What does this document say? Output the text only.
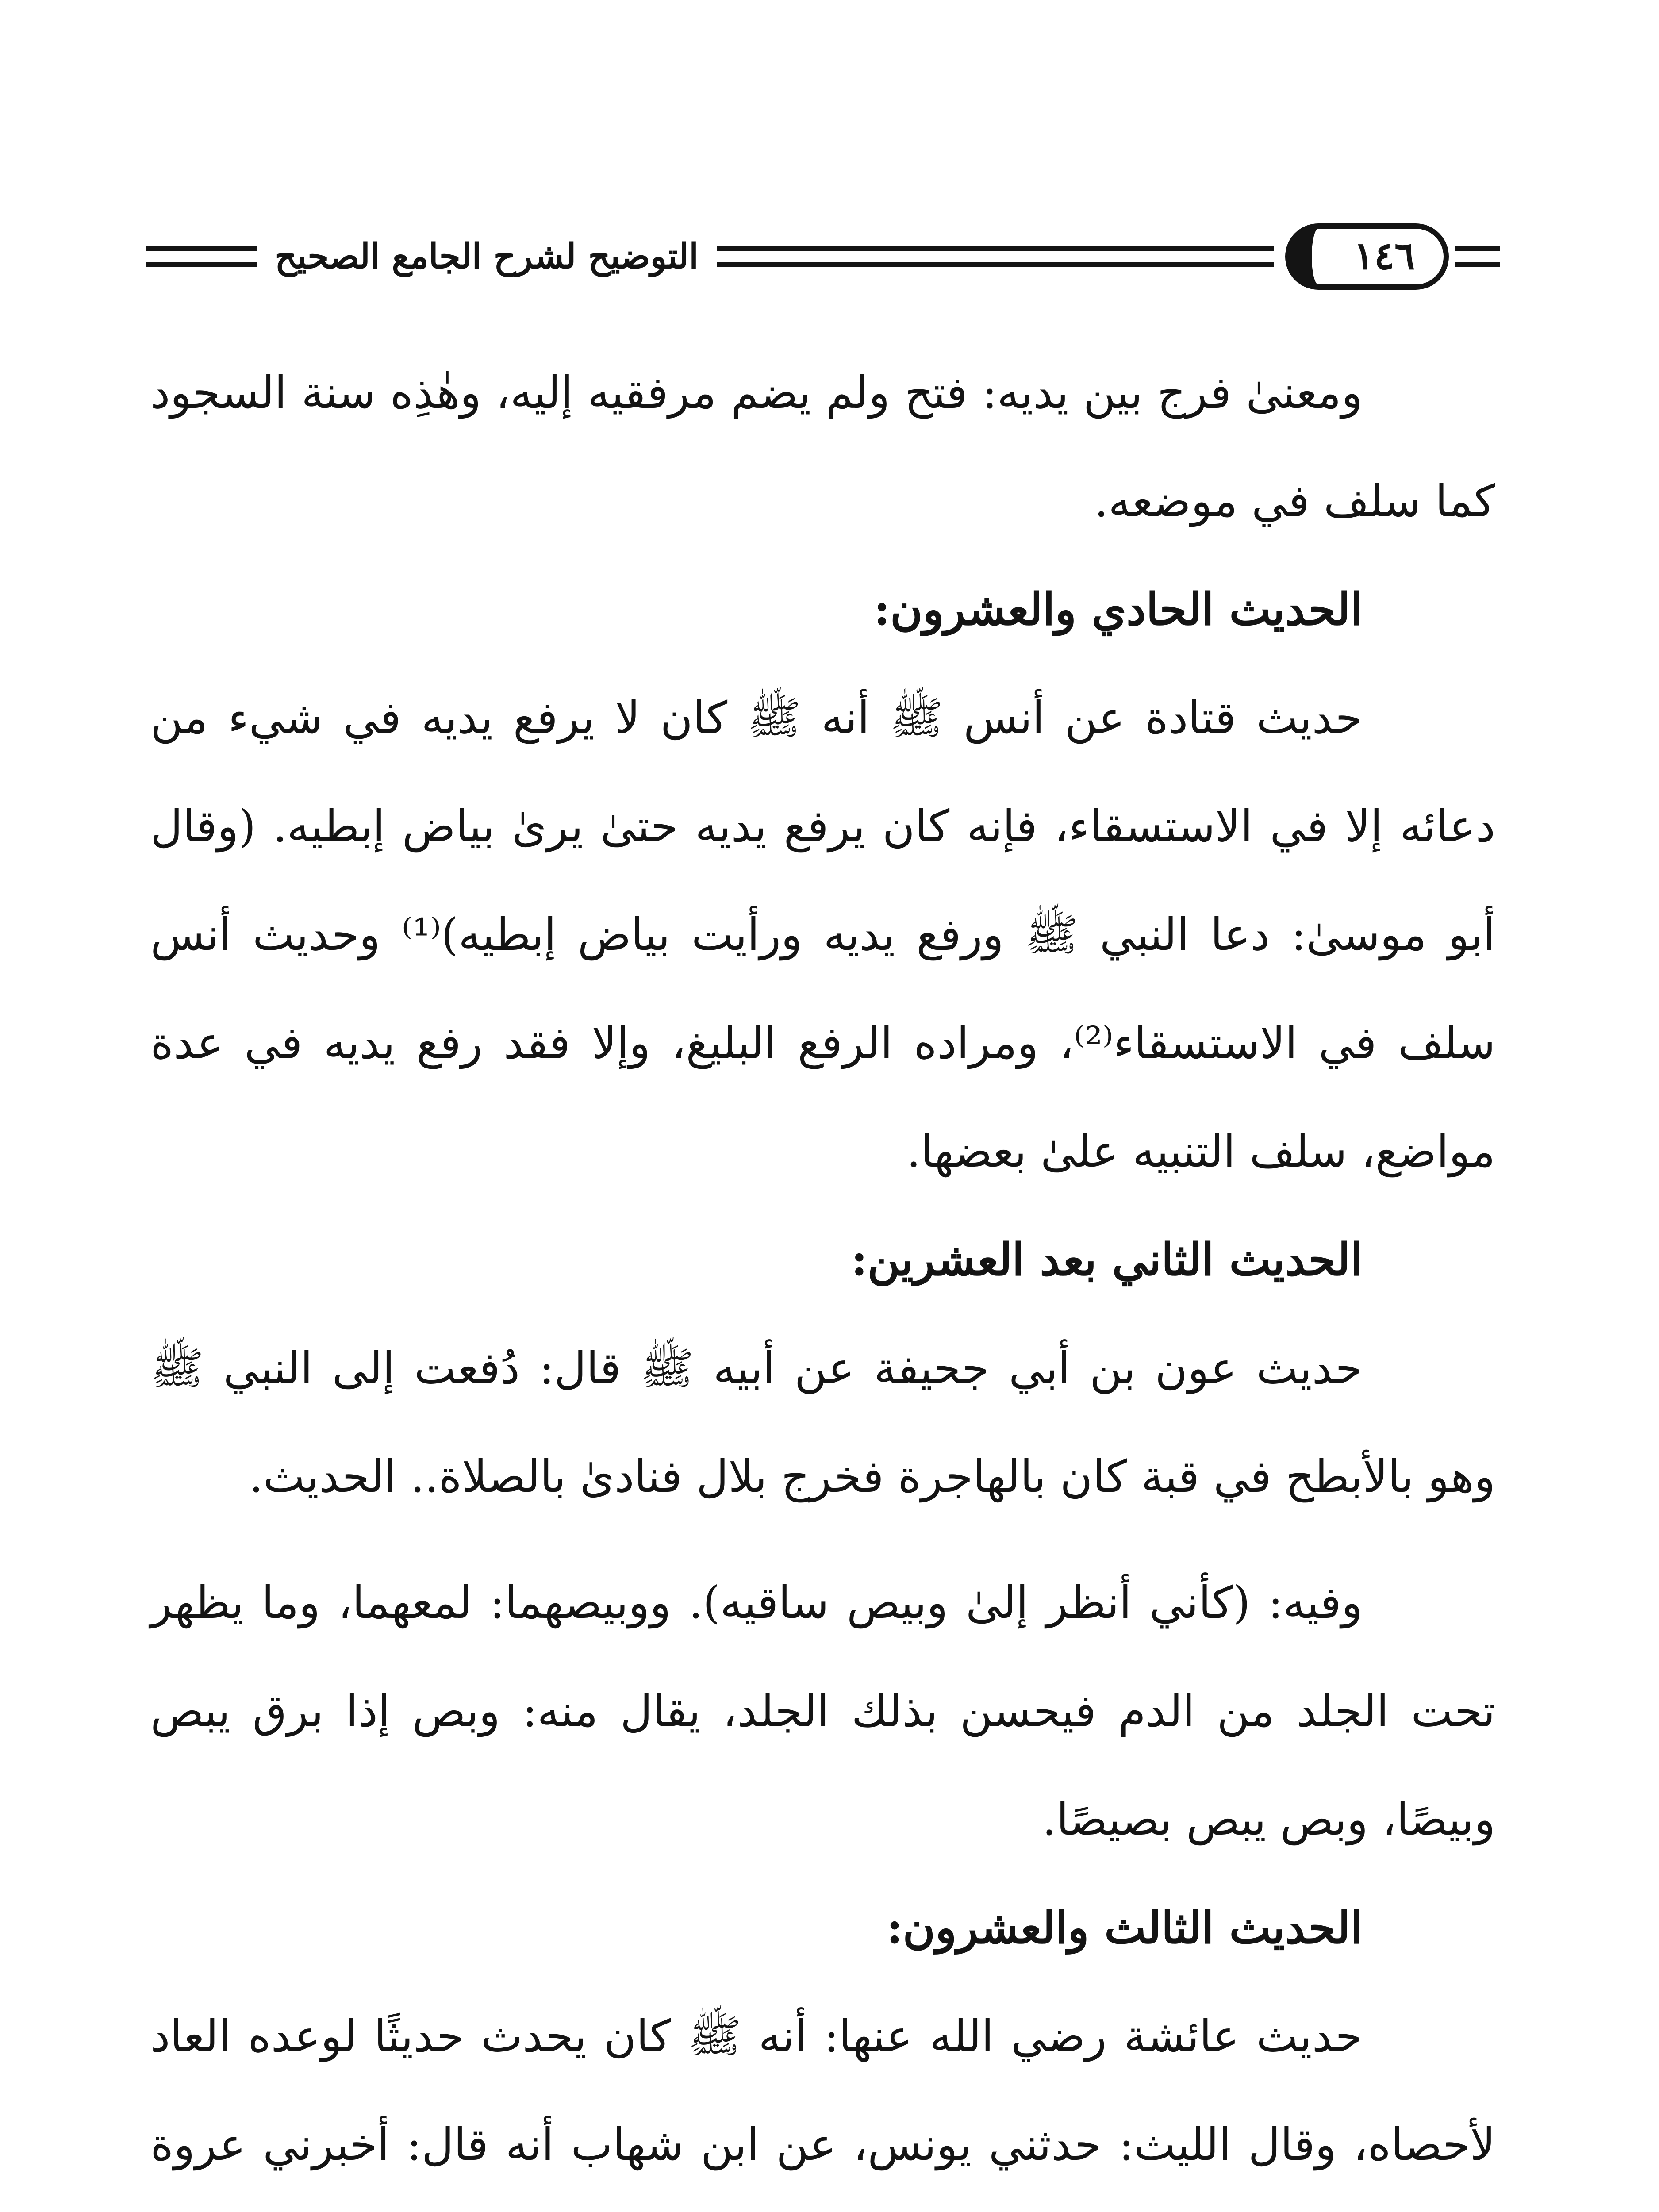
التوضيح لشرح الجامع الصحيح	١٤٦

ومعنىٰ فرج بين يديه: فتح ولم يضم مرفقيه إليه، وهٰذِه سنة السجود كما سلف في موضعه.

الحديث الحادي والعشرون:

حديث قتادة عن أنس ﷺ أنه ﷺ كان لا يرفع يديه في شيء من دعائه إلا في الاستسقاء، فإنه كان يرفع يديه حتىٰ يرىٰ بياض إبطيه. (وقال أبو موسىٰ: دعا النبي ﷺ ورفع يديه ورأيت بياض إبطيه)⁽¹⁾ وحديث أنس سلف في الاستسقاء⁽²⁾، ومراده الرفع البليغ، وإلا فقد رفع يديه في عدة مواضع، سلف التنبيه علىٰ بعضها.

الحديث الثاني بعد العشرين:

حديث عون بن أبي جحيفة عن أبيه ﷺ قال: دُفعت إلى النبي ﷺ وهو بالأبطح في قبة كان بالهاجرة فخرج بلال فنادىٰ بالصلاة.. الحديث.

وفيه: (كأني أنظر إلىٰ وبيص ساقيه). ووبيصهما: لمعهما، وما يظهر تحت الجلد من الدم فيحسن بذلك الجلد، يقال منه: وبص إذا برق يبص وبيصًا، وبص يبص بصيصًا.

الحديث الثالث والعشرون:

حديث عائشة رضي الله عنها: أنه ﷺ كان يحدث حديثًا لوعده العاد لأحصاه، وقال الليث: حدثني يونس، عن ابن شهاب أنه قال: أخبرني عروة
